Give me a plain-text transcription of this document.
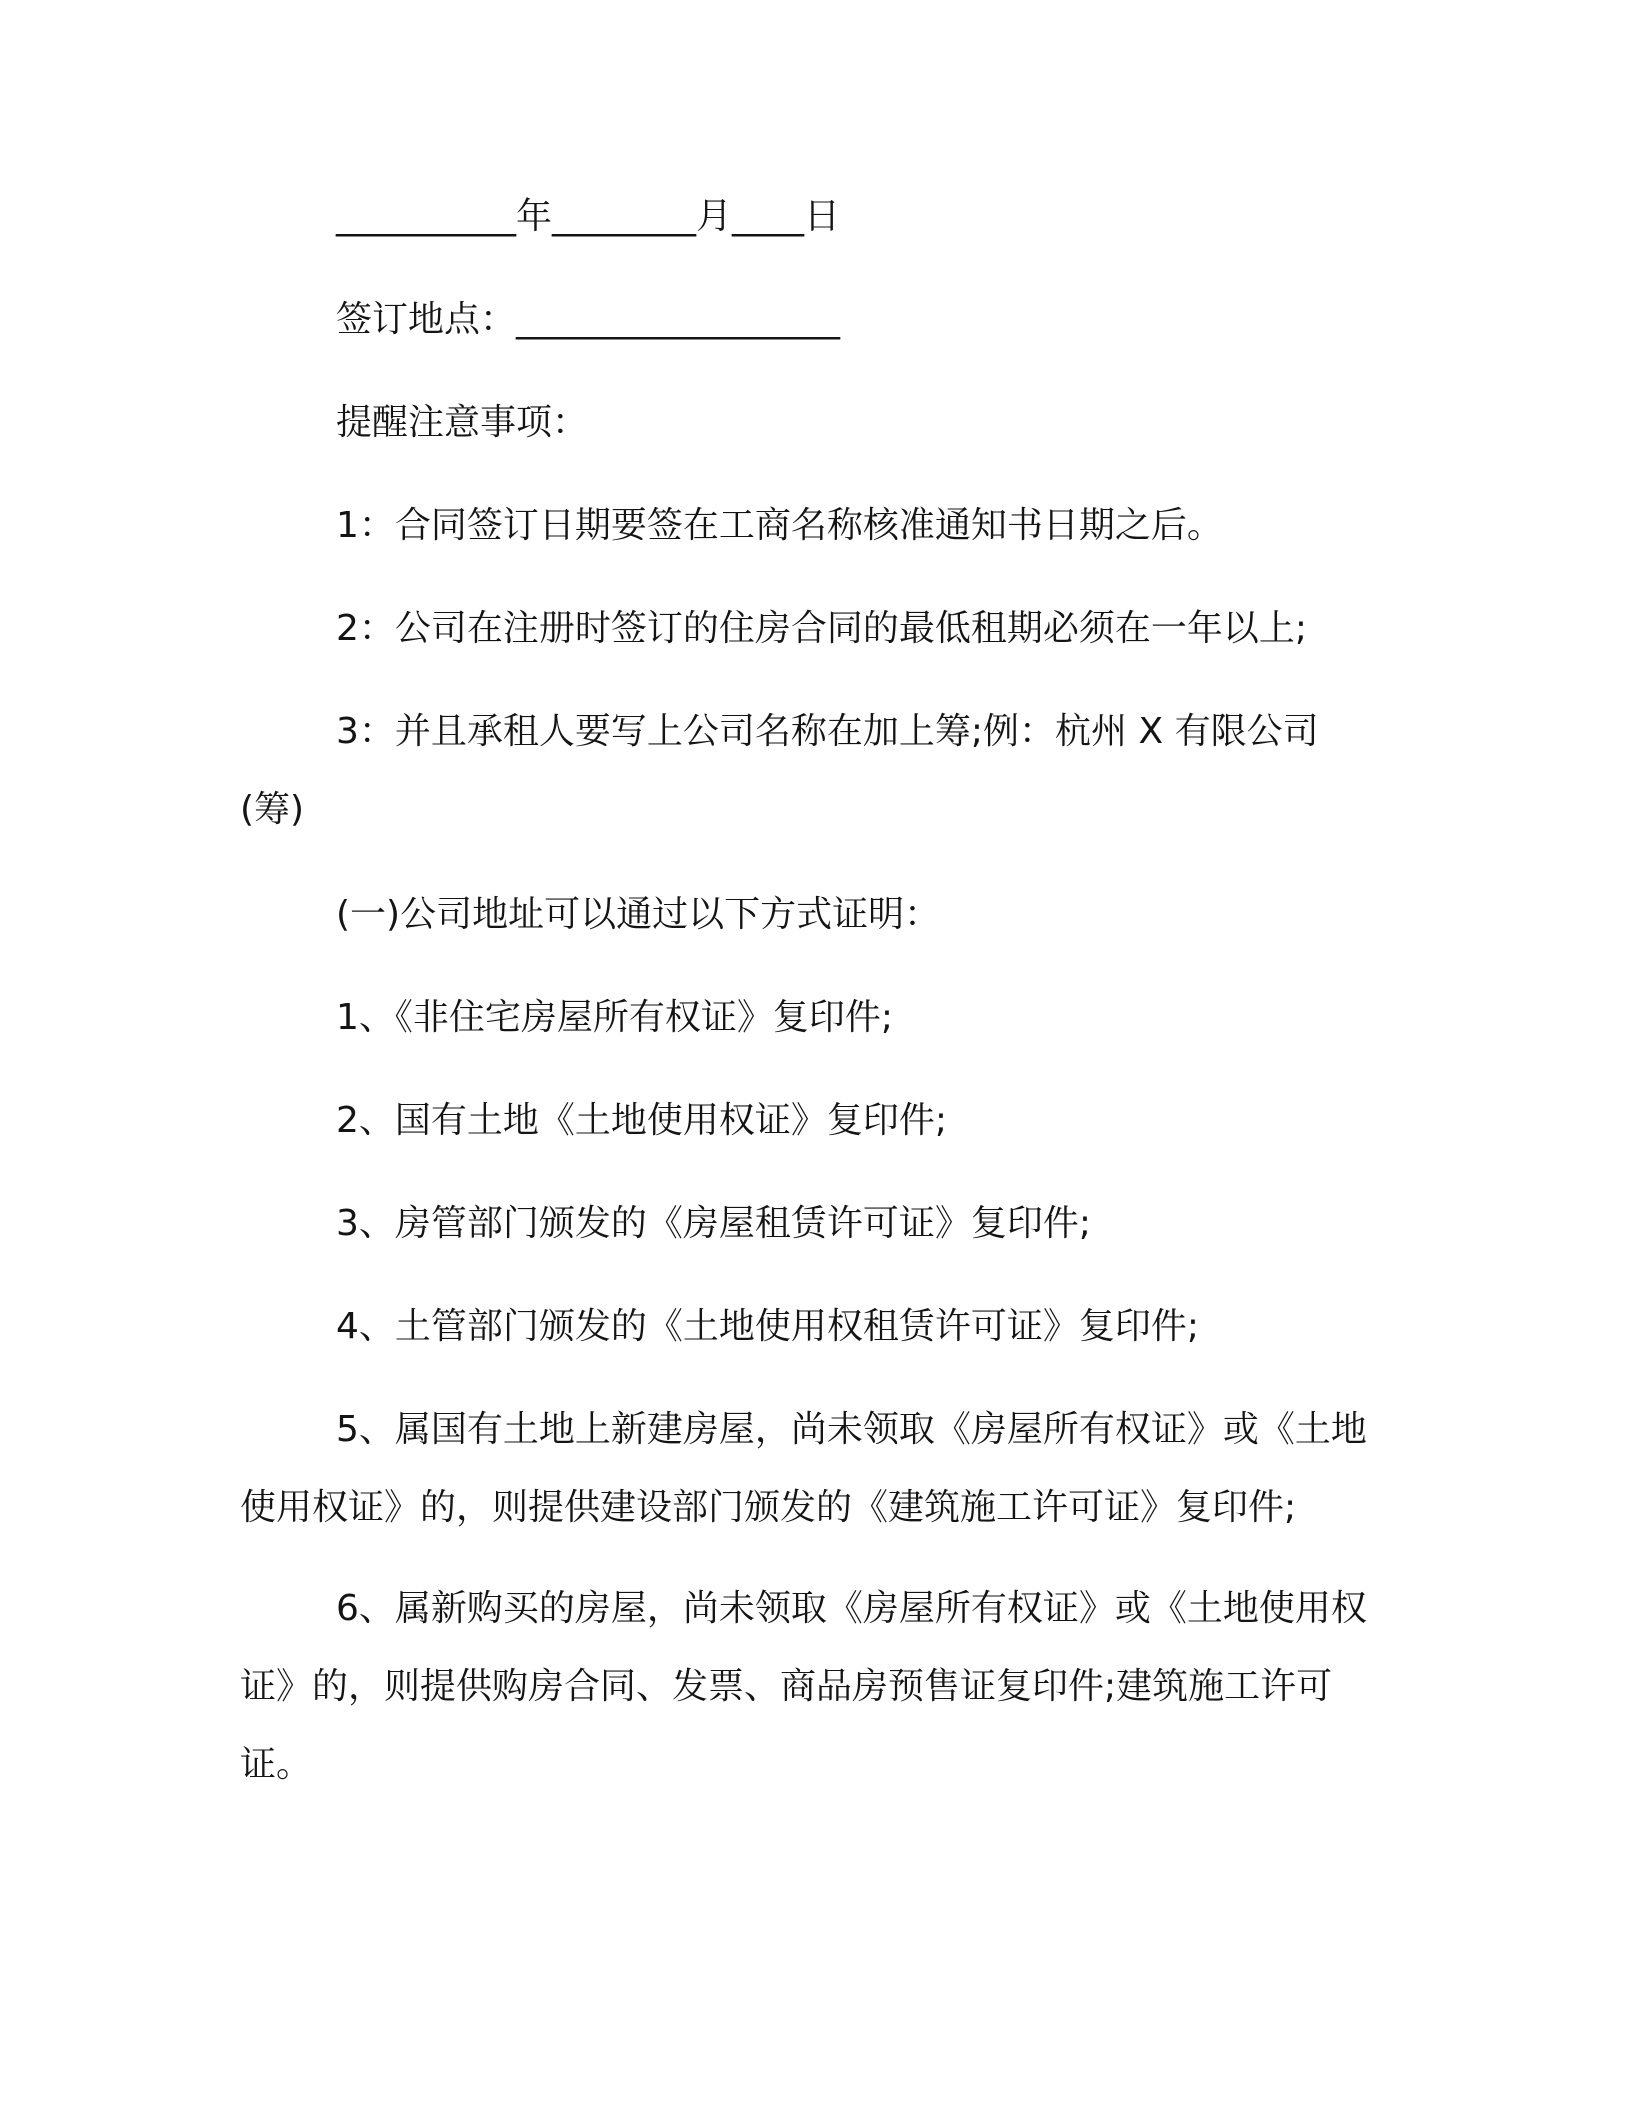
__________年________月____日
签订地点：__________________
提醒注意事项：
1：合同签订日期要签在工商名称核准通知书日期之后。
2：公司在注册时签订的住房合同的最低租期必须在一年以上;
3：并且承租人要写上公司名称在加上筹;例：杭州 X 有限公司(筹)
(一)公司地址可以通过以下方式证明：
1、《非住宅房屋所有权证》复印件;
2、国有土地《土地使用权证》复印件;
3、房管部门颁发的《房屋租赁许可证》复印件;
4、土管部门颁发的《土地使用权租赁许可证》复印件;
5、属国有土地上新建房屋，尚未领取《房屋所有权证》或《土地使用权证》的，则提供建设部门颁发的《建筑施工许可证》复印件;
6、属新购买的房屋，尚未领取《房屋所有权证》或《土地使用权证》的，则提供购房合同、发票、商品房预售证复印件;建筑施工许可证。
